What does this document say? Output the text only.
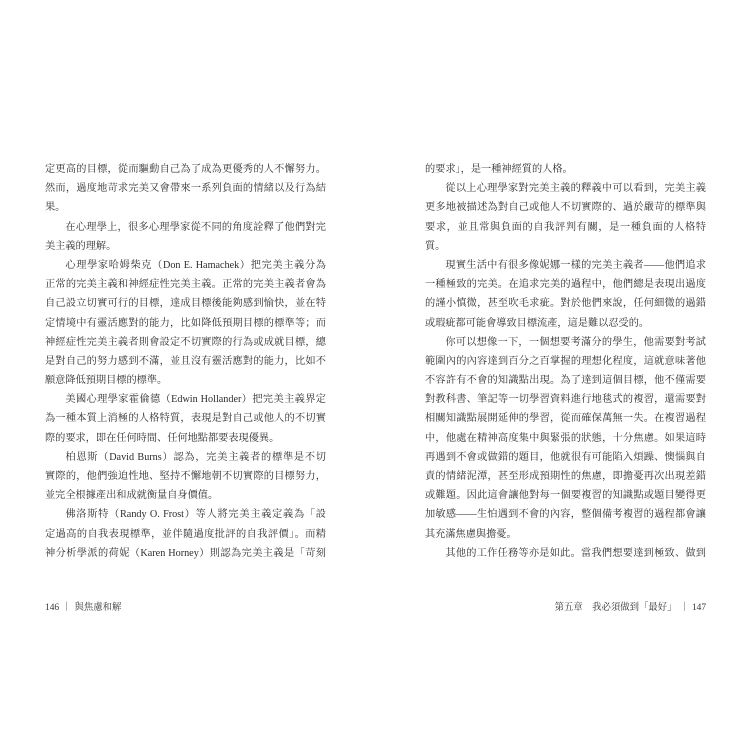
定更高的目標，從而驅動自己為了成為更優秀的人不懈努力。
然而，過度地苛求完美又會帶來一系列負面的情緒以及行為結
果。
在心理學上，很多心理學家從不同的角度詮釋了他們對完
美主義的理解。
心理學家哈姆柴克（Don E. Hamachek）把完美主義分為
正常的完美主義和神經症性完美主義。正常的完美主義者會為
自己設立切實可行的目標，達成目標後能夠感到愉快，並在特
定情境中有靈活應對的能力，比如降低預期目標的標準等；而
神經症性完美主義者則會設定不切實際的行為或成就目標，總
是對自己的努力感到不滿，並且沒有靈活應對的能力，比如不
願意降低預期目標的標準。
美國心理學家霍倫德（Edwin Hollander）把完美主義界定
為一種本質上消極的人格特質，表現是對自己或他人的不切實
際的要求，即在任何時間、任何地點都要表現優異。
柏恩斯（David Burns）認為，完美主義者的標準是不切
實際的，他們強迫性地、堅持不懈地朝不切實際的目標努力，
並完全根據產出和成就衡量自身價值。
佛洛斯特（Randy O. Frost）等人將完美主義定義為「設
定過高的自我表現標準，並伴隨過度批評的自我評價」。而精
神分析學派的荷妮（Karen Horney）則認為完美主義是「苛刻
146 ｜ 與焦慮和解
的要求」，是一種神經質的人格。
從以上心理學家對完美主義的釋義中可以看到，完美主義
更多地被描述為對自己或他人不切實際的、過於嚴苛的標準與
要求，並且常與負面的自我評判有關，是一種負面的人格特
質。
現實生活中有很多像妮娜一樣的完美主義者——他們追求
一種極致的完美。在追求完美的過程中，他們總是表現出過度
的謹小慎微，甚至吹毛求疵。對於他們來說，任何細微的過錯
或瑕疵都可能會導致目標流產，這是難以忍受的。
你可以想像一下，一個想要考滿分的學生，他需要對考試
範圍內的內容達到百分之百掌握的理想化程度，這就意味著他
不容許有不會的知識點出現。為了達到這個目標，他不僅需要
對教科書、筆記等一切學習資料進行地毯式的複習，還需要對
相關知識點展開延伸的學習，從而確保萬無一失。在複習過程
中，他處在精神高度集中與緊張的狀態，十分焦慮。如果這時
再遇到不會或做錯的題目，他就很有可能陷入煩躁、懊惱與自
責的情緒泥潭，甚至形成預期性的焦慮，即擔憂再次出現差錯
或難題。因此這會讓他對每一個要複習的知識點或題目變得更
加敏感——生怕遇到不會的內容，整個備考複習的過程都會讓
其充滿焦慮與擔憂。
其他的工作任務等亦是如此。當我們想要達到極致、做到
第五章 我必須做到「最好」 ｜ 147
